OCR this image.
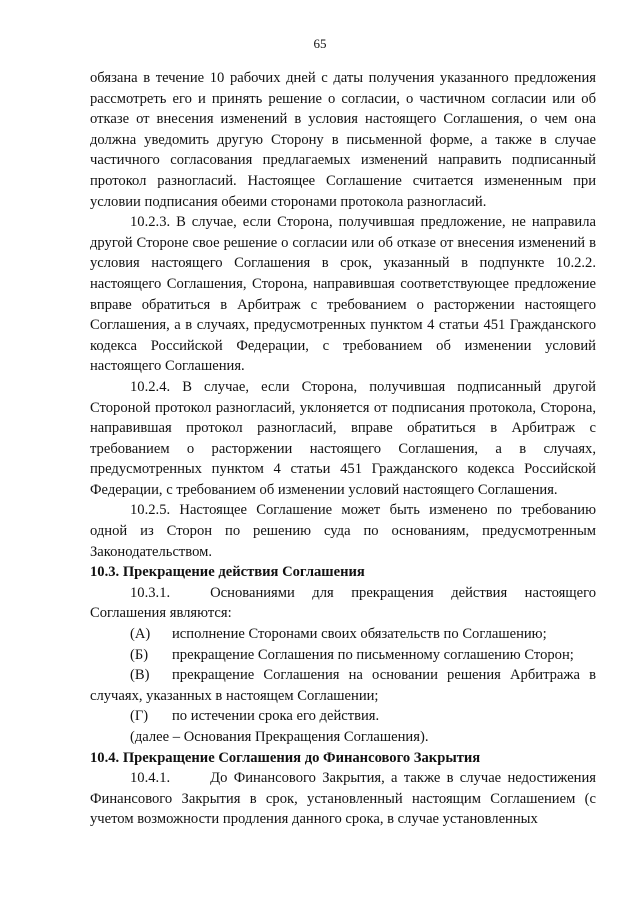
65

обязана в течение 10 рабочих дней с даты получения указанного предложения рассмотреть его и принять решение о согласии, о частичном согласии или об отказе от внесения изменений в условия настоящего Соглашения, о чем она должна уведомить другую Сторону в письменной форме, а также в случае частичного согласования предлагаемых изменений направить подписанный протокол разногласий. Настоящее Соглашение считается измененным при условии подписания обеими сторонами протокола разногласий.

10.2.3. В случае, если Сторона, получившая предложение, не направила другой Стороне свое решение о согласии или об отказе от внесения изменений в условия настоящего Соглашения в срок, указанный в подпункте 10.2.2. настоящего Соглашения, Сторона, направившая соответствующее предложение вправе обратиться в Арбитраж с требованием о расторжении настоящего Соглашения, а в случаях, предусмотренных пунктом 4 статьи 451 Гражданского кодекса Российской Федерации, с требованием об изменении условий настоящего Соглашения.

10.2.4. В случае, если Сторона, получившая подписанный другой Стороной протокол разногласий, уклоняется от подписания протокола, Сторона, направившая протокол разногласий, вправе обратиться в Арбитраж с требованием о расторжении настоящего Соглашения, а в случаях, предусмотренных пунктом 4 статьи 451 Гражданского кодекса Российской Федерации, с требованием об изменении условий настоящего Соглашения.

10.2.5. Настоящее Соглашение может быть изменено по требованию одной из Сторон по решению суда по основаниям, предусмотренным Законодательством.

10.3. Прекращение действия Соглашения

10.3.1.	Основаниями для прекращения действия настоящего Соглашения являются:

(А)	исполнение Сторонами своих обязательств по Соглашению;
(Б)	прекращение Соглашения по письменному соглашению Сторон;

(В) прекращение Соглашения на основании решения Арбитража в случаях, указанных в настоящем Соглашении;

(Г)	по истечении срока его действия.

(далее – Основания Прекращения Соглашения).

10.4. Прекращение Соглашения до Финансового Закрытия

10.4.1.	До Финансового Закрытия, а также в случае недостижения Финансового Закрытия в срок, установленный настоящим Соглашением (с учетом возможности продления данного срока, в случае установленных
